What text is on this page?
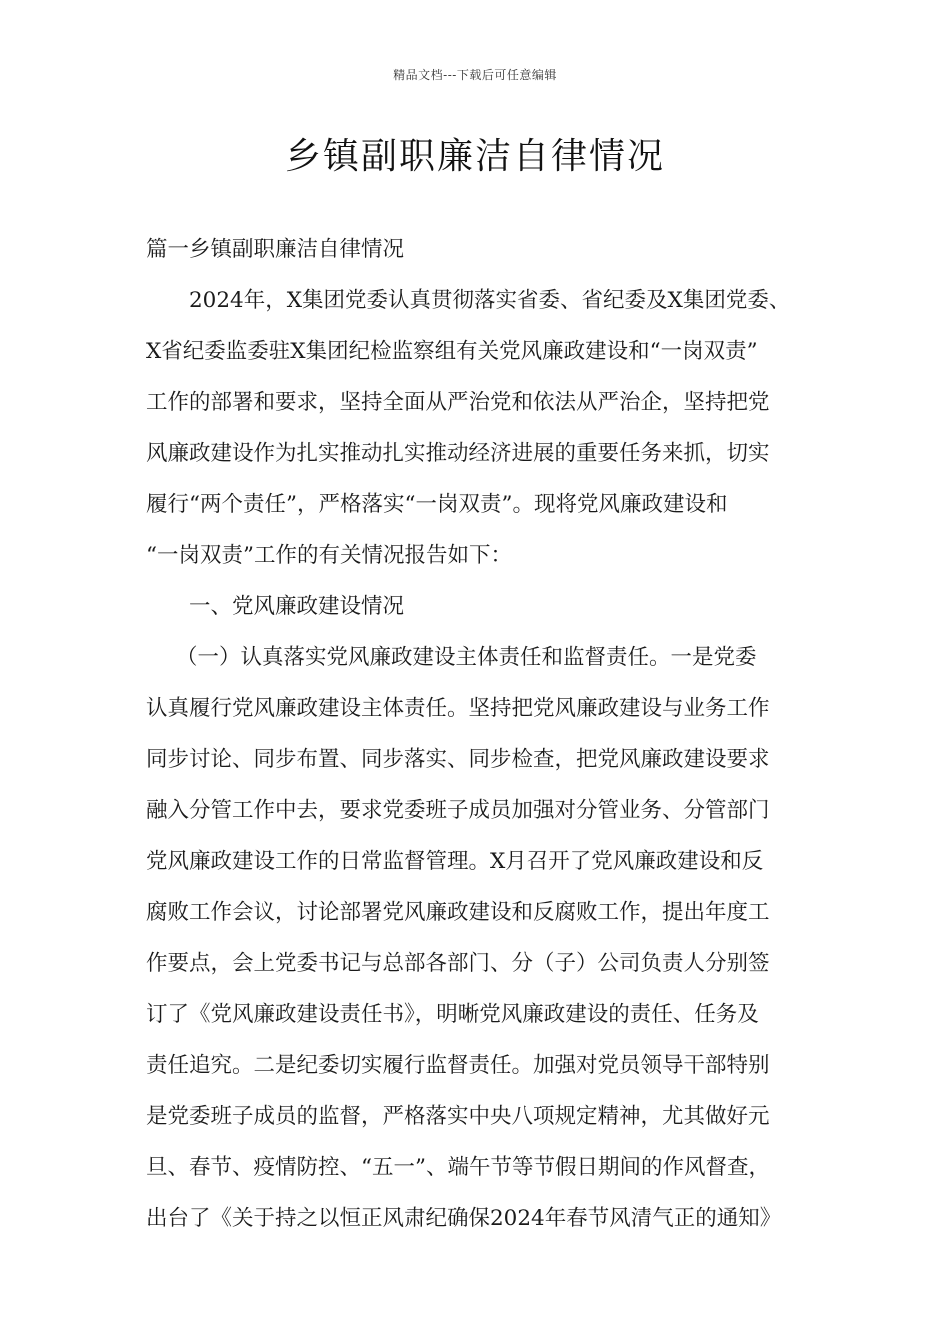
精品文档---下载后可任意编辑
乡镇副职廉洁自律情况
篇一乡镇副职廉洁自律情况
2024年，X集团党委认真贯彻落实省委、省纪委及X集团党委、
X省纪委监委驻X集团纪检监察组有关党风廉政建设和“一岗双责”
工作的部署和要求，坚持全面从严治党和依法从严治企，坚持把党
风廉政建设作为扎实推动扎实推动经济进展的重要任务来抓，切实
履行“两个责任”，严格落实“一岗双责”。现将党风廉政建设和
“一岗双责”工作的有关情况报告如下：
一、党风廉政建设情况
（一）认真落实党风廉政建设主体责任和监督责任。一是党委
认真履行党风廉政建设主体责任。坚持把党风廉政建设与业务工作
同步讨论、同步布置、同步落实、同步检查，把党风廉政建设要求
融入分管工作中去，要求党委班子成员加强对分管业务、分管部门
党风廉政建设工作的日常监督管理。X月召开了党风廉政建设和反
腐败工作会议，讨论部署党风廉政建设和反腐败工作，提出年度工
作要点，会上党委书记与总部各部门、分（子）公司负责人分别签
订了《党风廉政建设责任书》，明晰党风廉政建设的责任、任务及
责任追究。二是纪委切实履行监督责任。加强对党员领导干部特别
是党委班子成员的监督，严格落实中央八项规定精神，尤其做好元
旦、春节、疫情防控、“五一”、端午节等节假日期间的作风督查，
出台了《关于持之以恒正风肃纪确保2024年春节风清气正的通知》
